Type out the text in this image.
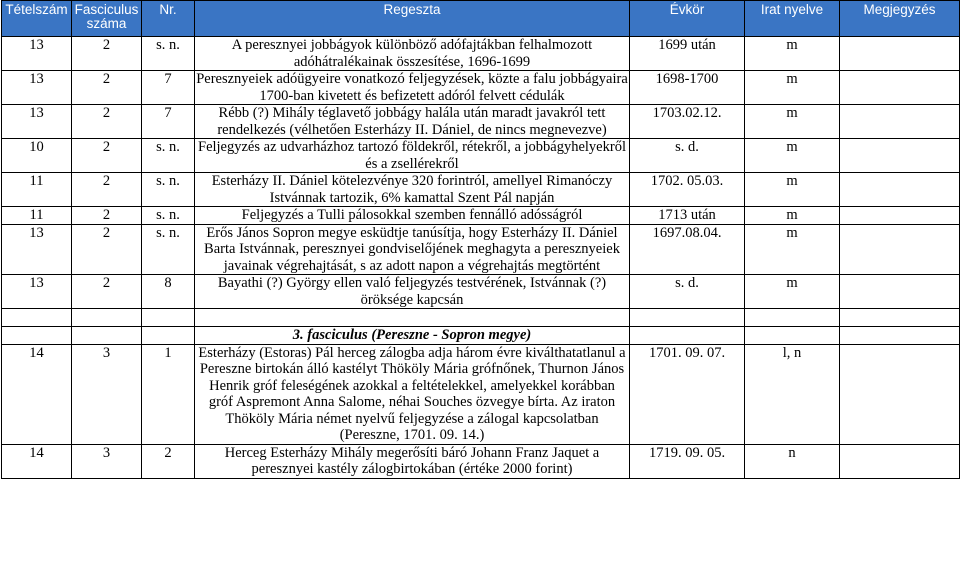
Tételszám	Fasciculus száma	Nr.	Regeszta	Évkör	Irat nyelve	Megjegyzés
13	2	s. n.	A peresznyei jobbágyok különböző adófajtákban felhalmozott adóhátralékainak összesítése, 1696-1699	1699 után	m	
13	2	7	Peresznyeiek adóügyeire vonatkozó feljegyzések, közte a falu jobbágyaira 1700-ban kivetett és befizetett adóról felvett cédulák	1698-1700	m	
13	2	7	Rébb (?) Mihály téglavető jobbágy halála után maradt javakról tett rendelkezés (vélhetően Esterházy II. Dániel, de nincs megnevezve)	1703.02.12.	m	
10	2	s. n.	Feljegyzés az udvarházhoz tartozó földekről, rétekről, a jobbágyhelyekről és a zsellérekről	s. d.	m	
11	2	s. n.	Esterházy II. Dániel kötelezvénye 320 forintról, amellyel Rimanóczy Istvánnak tartozik, 6% kamattal Szent Pál napján	1702. 05.03.	m	
11	2	s. n.	Feljegyzés a Tulli pálosokkal szemben fennálló adósságról	1713 után	m	
13	2	s. n.	Erős János Sopron megye esküdtje tanúsítja, hogy Esterházy II. Dániel Barta Istvánnak, peresznyei gondviselőjének meghagyta a peresznyeiek javainak végrehajtását, s az adott napon a végrehajtás megtörtént	1697.08.04.	m	
13	2	8	Bayathi (?) György ellen való feljegyzés testvérének, Istvánnak (?) öröksége kapcsán	s. d.	m	

			3. fasciculus (Pereszne - Sopron megye)			
14	3	1	Esterházy (Estoras) Pál herceg zálogba adja három évre kiválthatatlanul a Pereszne birtokán álló kastélyt Thököly Mária grófnőnek, Thurnon János Henrik gróf feleségének azokkal a feltételekkel, amelyekkel korábban gróf Aspremont Anna Salome, néhai Souches özvegye bírta. Az iraton Thököly Mária német nyelvű feljegyzése a zálogal kapcsolatban (Pereszne, 1701. 09. 14.)	1701. 09. 07.	l, n	
14	3	2	Herceg Esterházy Mihály megerősíti báró Johann Franz Jaquet a peresznyei kastély zálogbirtokában (értéke 2000 forint)	1719. 09. 05.	n	
